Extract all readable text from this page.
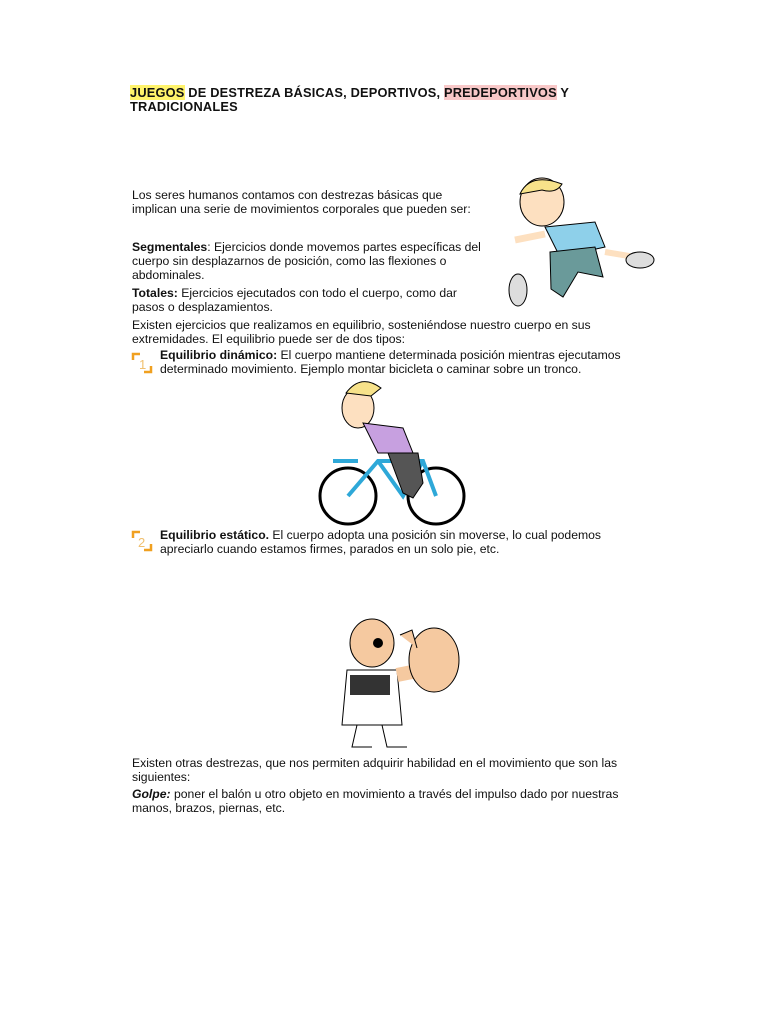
JUEGOS DE DESTREZA BÁSICAS, DEPORTIVOS, PREDEPORTIVOS Y TRADICIONALES
Los seres humanos contamos con destrezas básicas que implican una serie de movimientos corporales que pueden ser:
Segmentales: Ejercicios donde movemos partes específicas del cuerpo sin desplazarnos de posición, como las flexiones o abdominales.
Totales: Ejercicios ejecutados con todo el cuerpo, como dar pasos o desplazamientos.
Existen ejercicios que realizamos en equilibrio, sosteniéndose nuestro cuerpo en sus extremidades. El equilibrio puede ser de dos tipos:
1
Equilibrio dinámico: El cuerpo mantiene determinada posición mientras ejecutamos determinado movimiento. Ejemplo montar bicicleta o caminar sobre un tronco.
2 Equilibrio estático. El cuerpo adopta una posición sin moverse, lo cual podemos apreciarlo cuando estamos firmes, parados en un solo pie, etc.
Existen otras destrezas, que nos permiten adquirir habilidad en el movimiento que son las siguientes:
Golpe: poner el balón u otro objeto en movimiento a través del impulso dado por nuestras manos, brazos, piernas, etc.
